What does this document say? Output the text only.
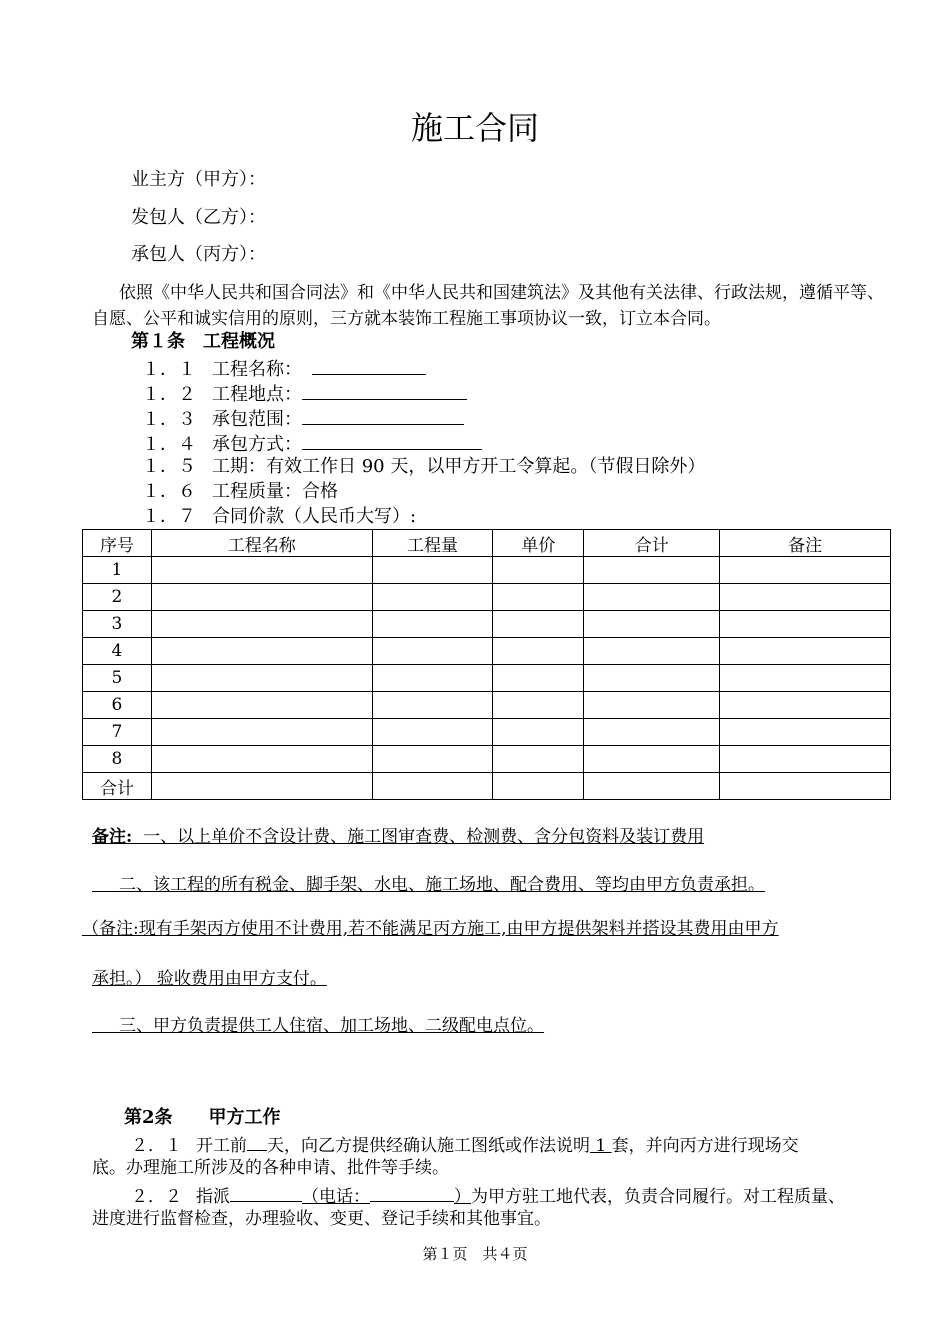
施工合同
业主方（甲方）：
发包人（乙方）：
承包人（丙方）：
依照《中华人民共和国合同法》和《中华人民共和国建筑法》及其他有关法律、行政法规，遵循平等、
自愿、公平和诚实信用的原则，三方就本装饰工程施工事项协议一致，订立本合同。
第１条　工程概况
１．１ 工程名称：
１．２ 工程地点：
１．３ 承包范围：
１．４ 承包方式：
１．５ 工期：有效工作日 90 天，以甲方开工令算起。（节假日除外）
１．６ 工程质量：合格
１．７ 合同价款（人民币大写）:
序号	工程名称	工程量	单价	合计	备注
1					
2					
3					
4					
5					
6					
7					
8					
合计					
备注:  一、以上单价不含设计费、施工图审查费、检测费、含分包资料及装订费用
二、该工程的所有税金、脚手架、水电、施工场地、配合费用、等均由甲方负责承担。
（备注:现有手架丙方使用不计费用,若不能满足丙方施工,由甲方提供架料并搭设其费用由甲方
承担。） 验收费用由甲方支付。
三、甲方负责提供工人住宿、加工场地、二级配电点位。
第2条　　甲方工作
２．１ 开工前 天，向乙方提供经确认施工图纸或作法说明 1 套，并向丙方进行现场交
底。办理施工所涉及的各种申请、批件等手续。
２．２ 指派	（电话：	）为甲方驻工地代表，负责合同履行。对工程质量、
进度进行监督检查，办理验收、变更、登记手续和其他事宜。
第１页　共４页
